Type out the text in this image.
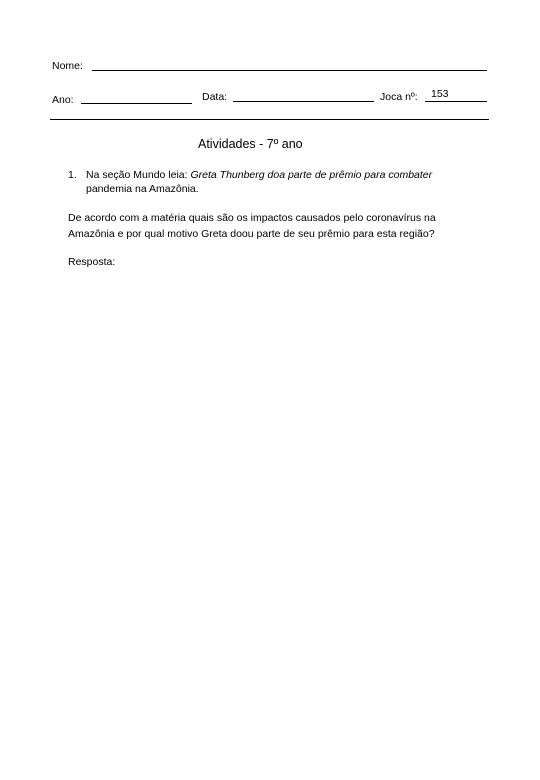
Nome:
Ano:	Data:	Joca nº: 153
Atividades - 7º ano
1. Na seção Mundo leia: Greta Thunberg doa parte de prêmio para combater
pandemia na Amazônia.
De acordo com a matéria quais são os impactos causados pelo coronavírus na
Amazônia e por qual motivo Greta doou parte de seu prêmio para esta região?
Resposta:
